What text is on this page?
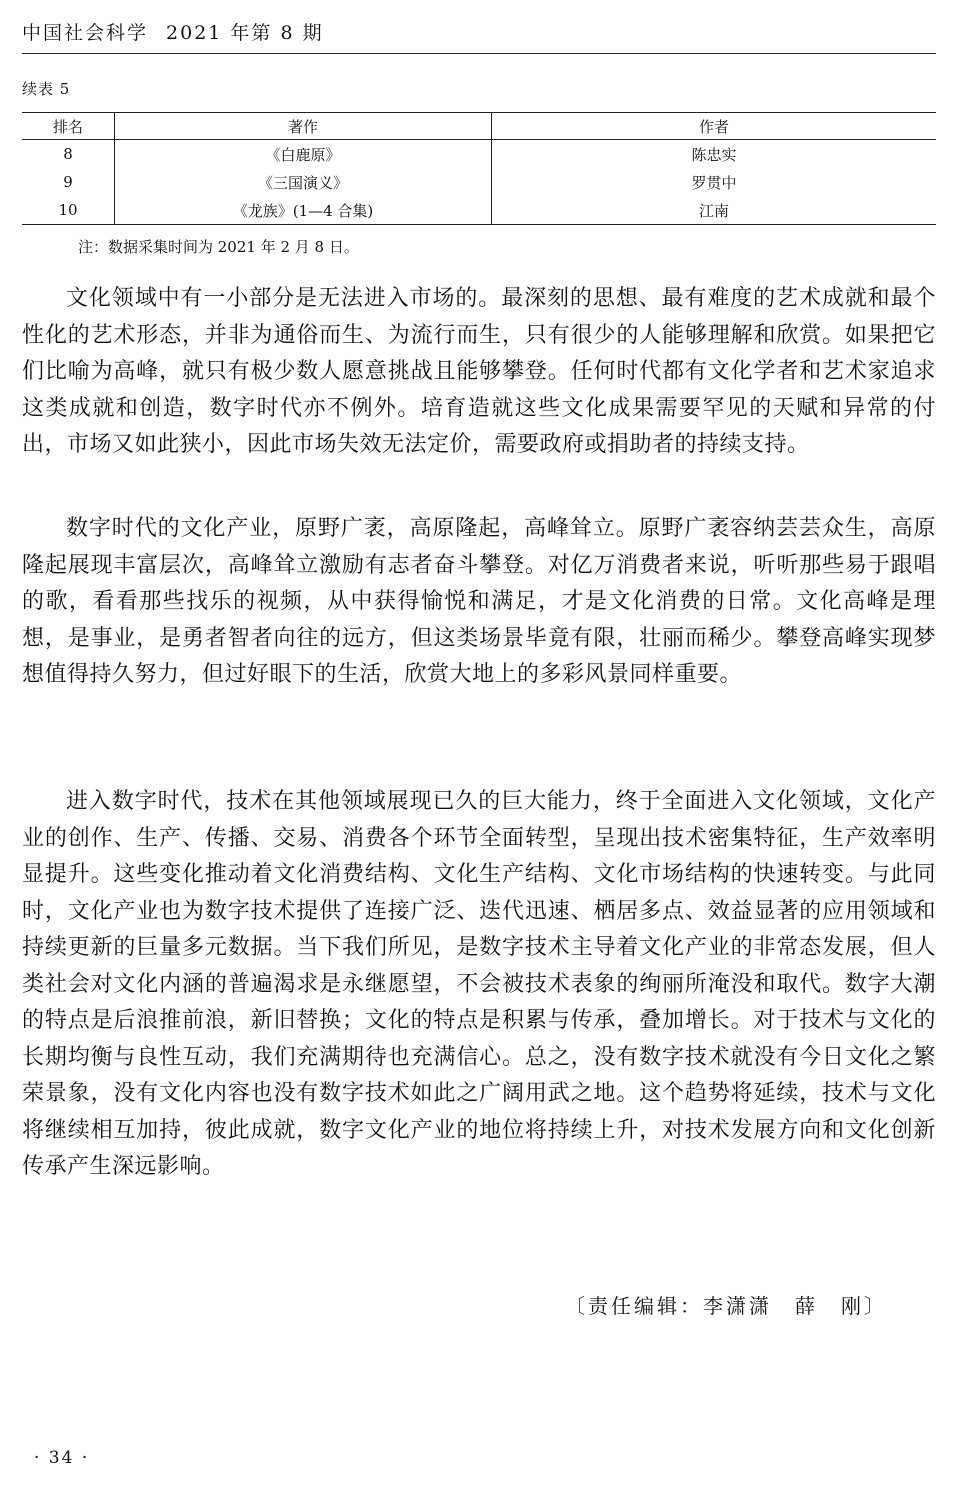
中国社会科学 2021 年第 8 期
续表 5
排名	著作	作者
8	《白鹿原》	陈忠实
9	《三国演义》	罗贯中
10	《龙族》(1—4 合集)	江南
注：数据采集时间为 2021 年 2 月 8 日。

文化领域中有一小部分是无法进入市场的。最深刻的思想、最有难度的艺术成就和最个性化的艺术形态，并非为通俗而生、为流行而生，只有很少的人能够理解和欣赏。如果把它们比喻为高峰，就只有极少数人愿意挑战且能够攀登。任何时代都有文化学者和艺术家追求这类成就和创造，数字时代亦不例外。培育造就这些文化成果需要罕见的天赋和异常的付出，市场又如此狭小，因此市场失效无法定价，需要政府或捐助者的持续支持。

数字时代的文化产业，原野广袤，高原隆起，高峰耸立。原野广袤容纳芸芸众生，高原隆起展现丰富层次，高峰耸立激励有志者奋斗攀登。对亿万消费者来说，听听那些易于跟唱的歌，看看那些找乐的视频，从中获得愉悦和满足，才是文化消费的日常。文化高峰是理想，是事业，是勇者智者向往的远方，但这类场景毕竟有限，壮丽而稀少。攀登高峰实现梦想值得持久努力，但过好眼下的生活，欣赏大地上的多彩风景同样重要。

进入数字时代，技术在其他领域展现已久的巨大能力，终于全面进入文化领域，文化产业的创作、生产、传播、交易、消费各个环节全面转型，呈现出技术密集特征，生产效率明显提升。这些变化推动着文化消费结构、文化生产结构、文化市场结构的快速转变。与此同时，文化产业也为数字技术提供了连接广泛、迭代迅速、栖居多点、效益显著的应用领域和持续更新的巨量多元数据。当下我们所见，是数字技术主导着文化产业的非常态发展，但人类社会对文化内涵的普遍渴求是永继愿望，不会被技术表象的绚丽所淹没和取代。数字大潮的特点是后浪推前浪，新旧替换；文化的特点是积累与传承，叠加增长。对于技术与文化的长期均衡与良性互动，我们充满期待也充满信心。总之，没有数字技术就没有今日文化之繁荣景象，没有文化内容也没有数字技术如此之广阔用武之地。这个趋势将延续，技术与文化将继续相互加持，彼此成就，数字文化产业的地位将持续上升，对技术发展方向和文化创新传承产生深远影响。

〔责任编辑：李潇潇　薛　刚〕
· 34 ·
